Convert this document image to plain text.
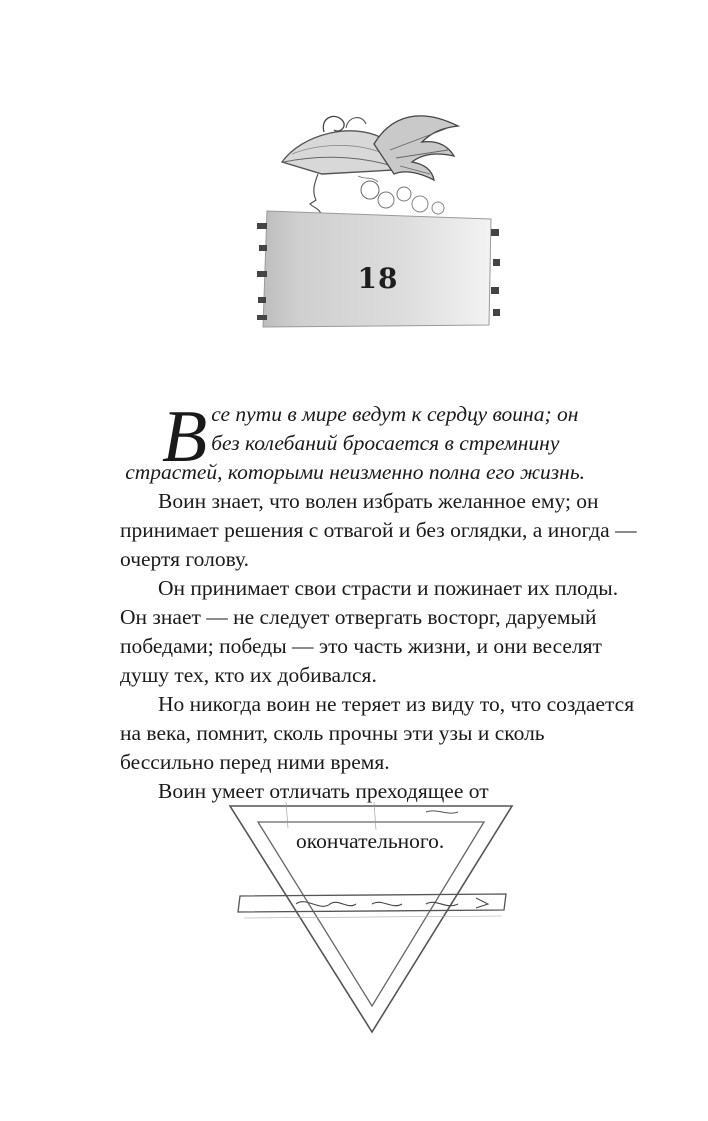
18
В се пути в мире ведут к сердцу воина; он
без колебаний бросается в стремнину
страстей, которыми неизменно полна его жизнь.

Воин знает, что волен избрать желанное ему; он принимает решения с отвагой и без оглядки, а иногда — очертя голову.

Он принимает свои страсти и пожинает их плоды. Он знает — не следует отвергать восторг, даруемый победами; победы — это часть жизни, и они веселят душу тех, кто их добивался.

Но никогда воин не теряет из виду то, что создается на века, помнит, сколь прочны эти узы и сколь бессильно перед ними время.

Воин умеет отличать преходящее от

окончательного.
